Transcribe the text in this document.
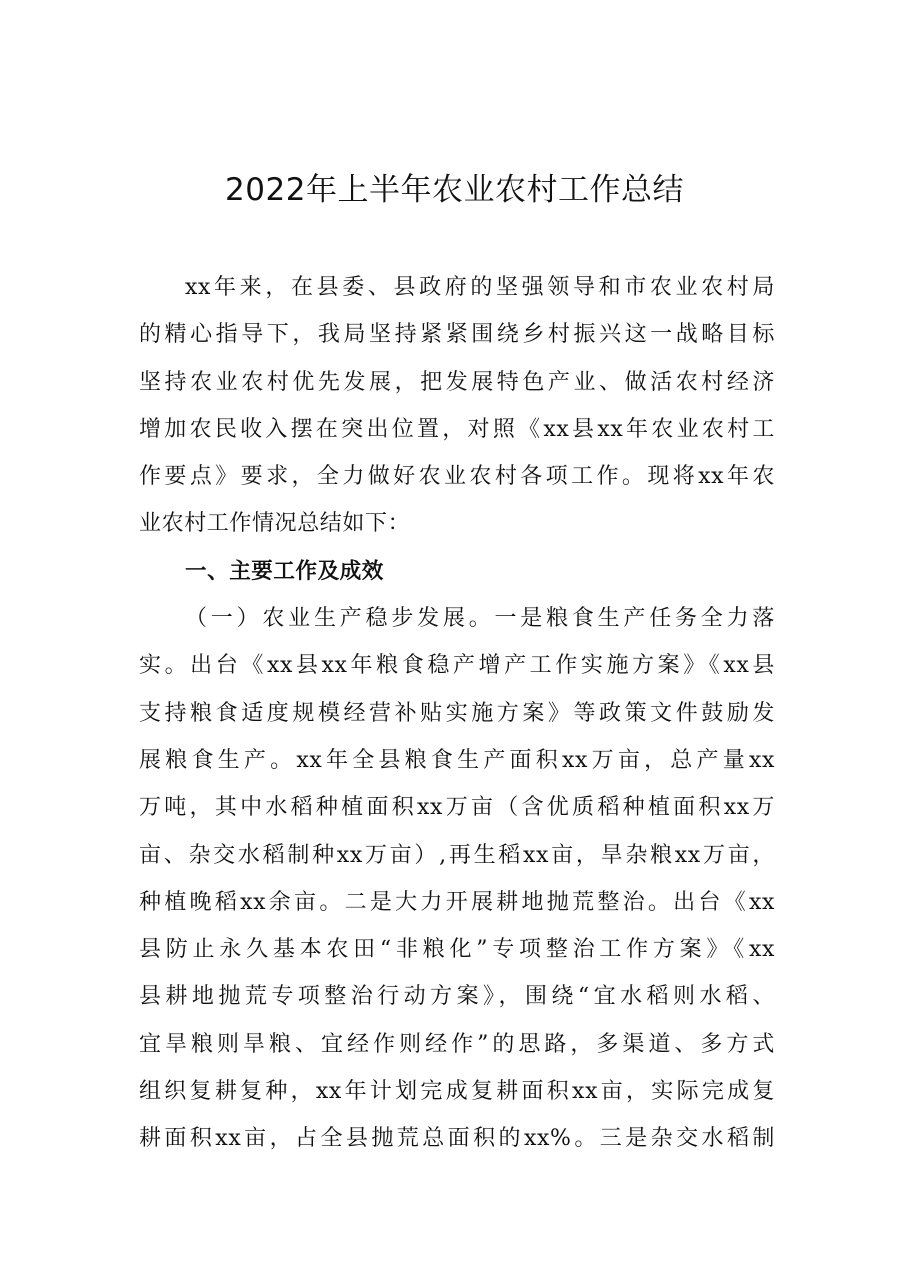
2022年上半年农业农村工作总结
xx年来，在县委、县政府的坚强领导和市农业农村局
的精心指导下，我局坚持紧紧围绕乡村振兴这一战略目标
坚持农业农村优先发展，把发展特色产业、做活农村经济
增加农民收入摆在突出位置，对照《xx县xx年农业农村工
作要点》要求，全力做好农业农村各项工作。现将xx年农
业农村工作情况总结如下：
一、主要工作及成效
（一）农业生产稳步发展。一是粮食生产任务全力落
实。出台《xx县xx年粮食稳产增产工作实施方案》《xx县
支持粮食适度规模经营补贴实施方案》等政策文件鼓励发
展粮食生产。xx年全县粮食生产面积xx万亩，总产量xx
万吨，其中水稻种植面积xx万亩（含优质稻种植面积xx万
亩、杂交水稻制种xx万亩）,再生稻xx亩，旱杂粮xx万亩，
种植晚稻xx余亩。二是大力开展耕地抛荒整治。出台《xx
县防止永久基本农田“非粮化”专项整治工作方案》《xx
县耕地抛荒专项整治行动方案》，围绕“宜水稻则水稻、
宜旱粮则旱粮、宜经作则经作”的思路，多渠道、多方式
组织复耕复种，xx年计划完成复耕面积xx亩，实际完成复
耕面积xx亩，占全县抛荒总面积的xx%。三是杂交水稻制
